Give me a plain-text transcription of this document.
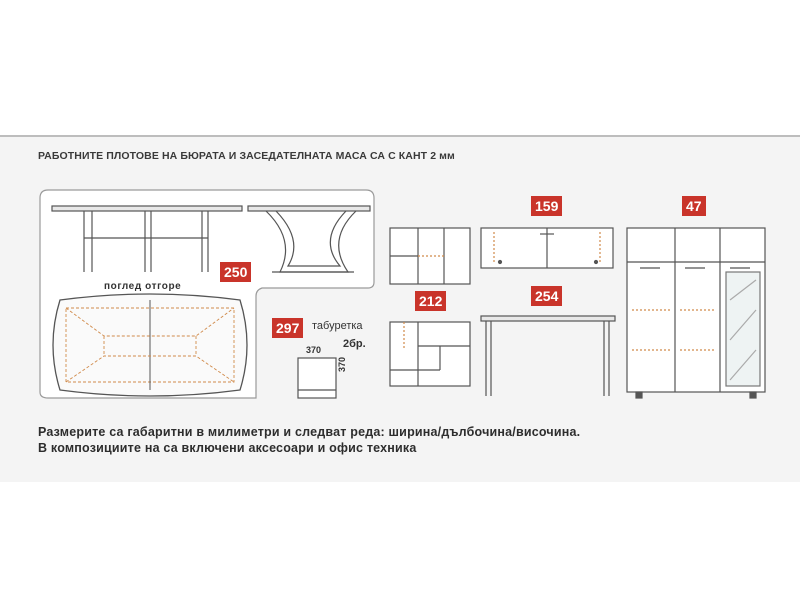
РАБОТНИТЕ ПЛОТОВЕ НА БЮРАТА И ЗАСЕДАТЕЛНАТА МАСА СА С КАНТ 2 мм
250
212
159
254
47
297
поглед отгоре
табуретка
2бр.
370
370
Размерите са габаритни в милиметри и следват реда: ширина/дълбочина/височина.
В композициите на са включени аксесоари и офис техника
